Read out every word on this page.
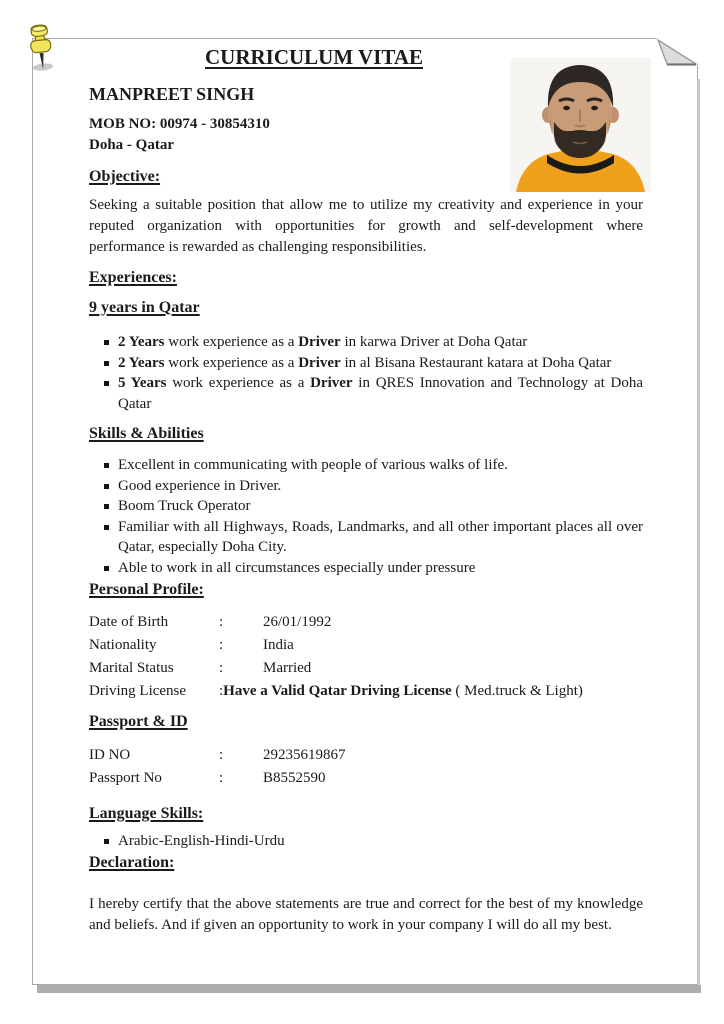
CURRICULUM VITAE
MANPREET SINGH
MOB NO: 00974 - 30854310
Doha - Qatar
Objective:

Seeking a suitable position that allow me to utilize my creativity and experience in your reputed organization with opportunities for growth and self-development where performance is rewarded as challenging responsibilities.

Experiences:
9 years in Qatar
2 Years work experience as a Driver in karwa Driver at Doha Qatar
2 Years work experience as a Driver in al Bisana Restaurant katara at Doha Qatar
5 Years work experience as a Driver in QRES Innovation and Technology at Doha Qatar
Skills & Abilities
Excellent in communicating with people of various walks of life.
Good experience in Driver.
Boom Truck Operator
Familiar with all Highways, Roads, Landmarks, and all other important places all over Qatar, especially Doha City.
Able to work in all circumstances especially under pressure
Personal Profile:
Date of Birth	:	26/01/1992
Nationality	:	India
Marital Status	:	Married
Driving License	:Have a Valid Qatar Driving License ( Med.truck & Light)
Passport & ID
ID NO	:	29235619867
Passport No	:	B8552590
Language Skills:
Arabic-English-Hindi-Urdu
Declaration:

I hereby certify that the above statements are true and correct for the best of my knowledge and beliefs. And if given an opportunity to work in your company I will do all my best.
